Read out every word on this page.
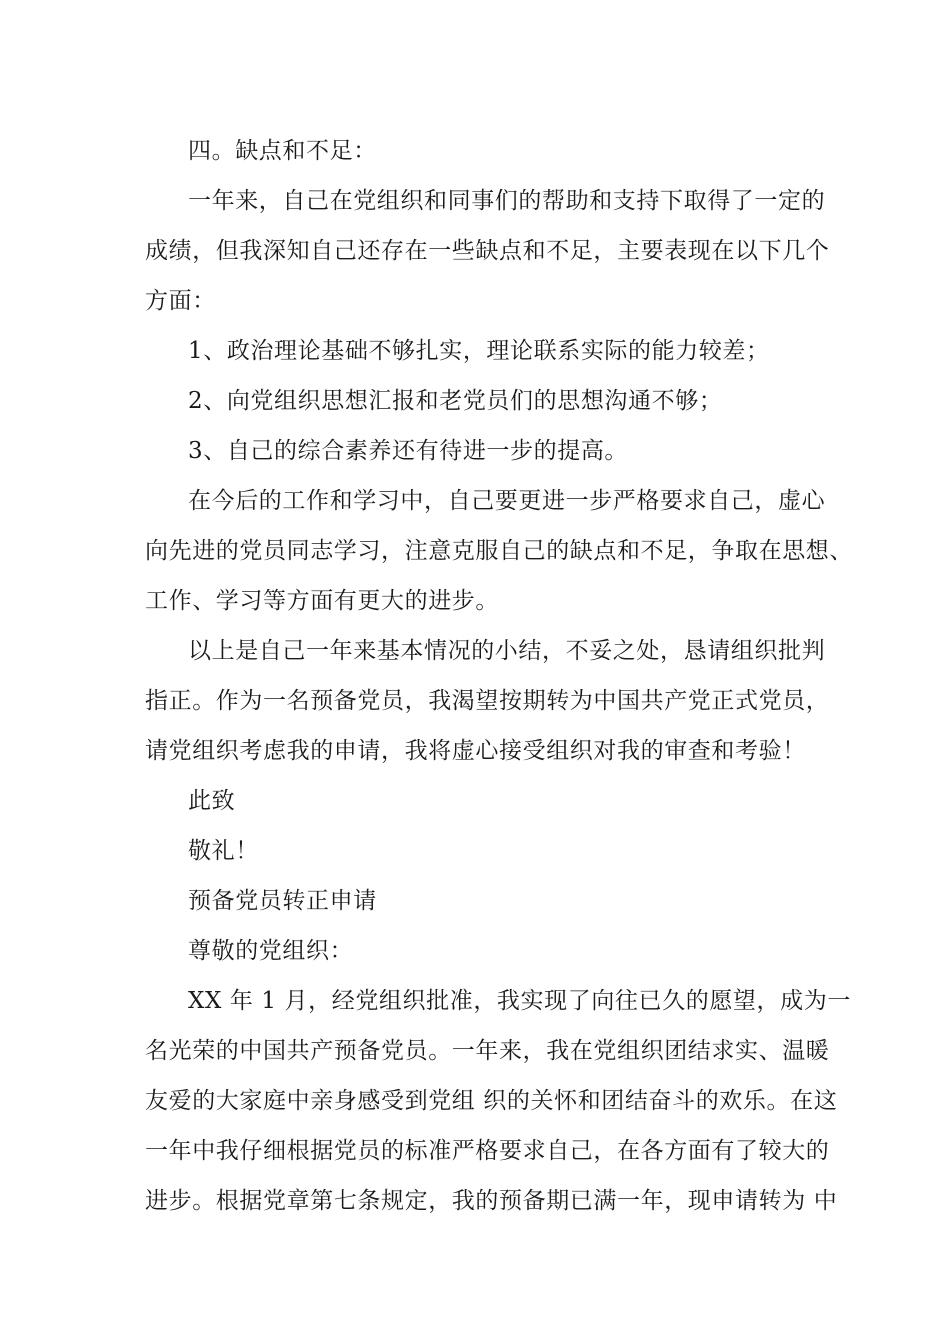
四。缺点和不足：
一年来，自己在党组织和同事们的帮助和支持下取得了一定的
成绩，但我深知自己还存在一些缺点和不足，主要表现在以下几个
方面：
1、政治理论基础不够扎实，理论联系实际的能力较差；
2、向党组织思想汇报和老党员们的思想沟通不够；
3、自己的综合素养还有待进一步的提高。
在今后的工作和学习中，自己要更进一步严格要求自己，虚心
向先进的党员同志学习，注意克服自己的缺点和不足，争取在思想、
工作、学习等方面有更大的进步。
以上是自己一年来基本情况的小结，不妥之处，恳请组织批判
指正。作为一名预备党员，我渴望按期转为中国共产党正式党员，
请党组织考虑我的申请，我将虚心接受组织对我的审查和考验！
此致
敬礼！
预备党员转正申请
尊敬的党组织：
XX 年 1 月，经党组织批准，我实现了向往已久的愿望，成为一
名光荣的中国共产预备党员。一年来，我在党组织团结求实、温暖
友爱的大家庭中亲身感受到党组 织的关怀和团结奋斗的欢乐。在这
一年中我仔细根据党员的标准严格要求自己，在各方面有了较大的
进步。根据党章第七条规定，我的预备期已满一年，现申请转为 中
